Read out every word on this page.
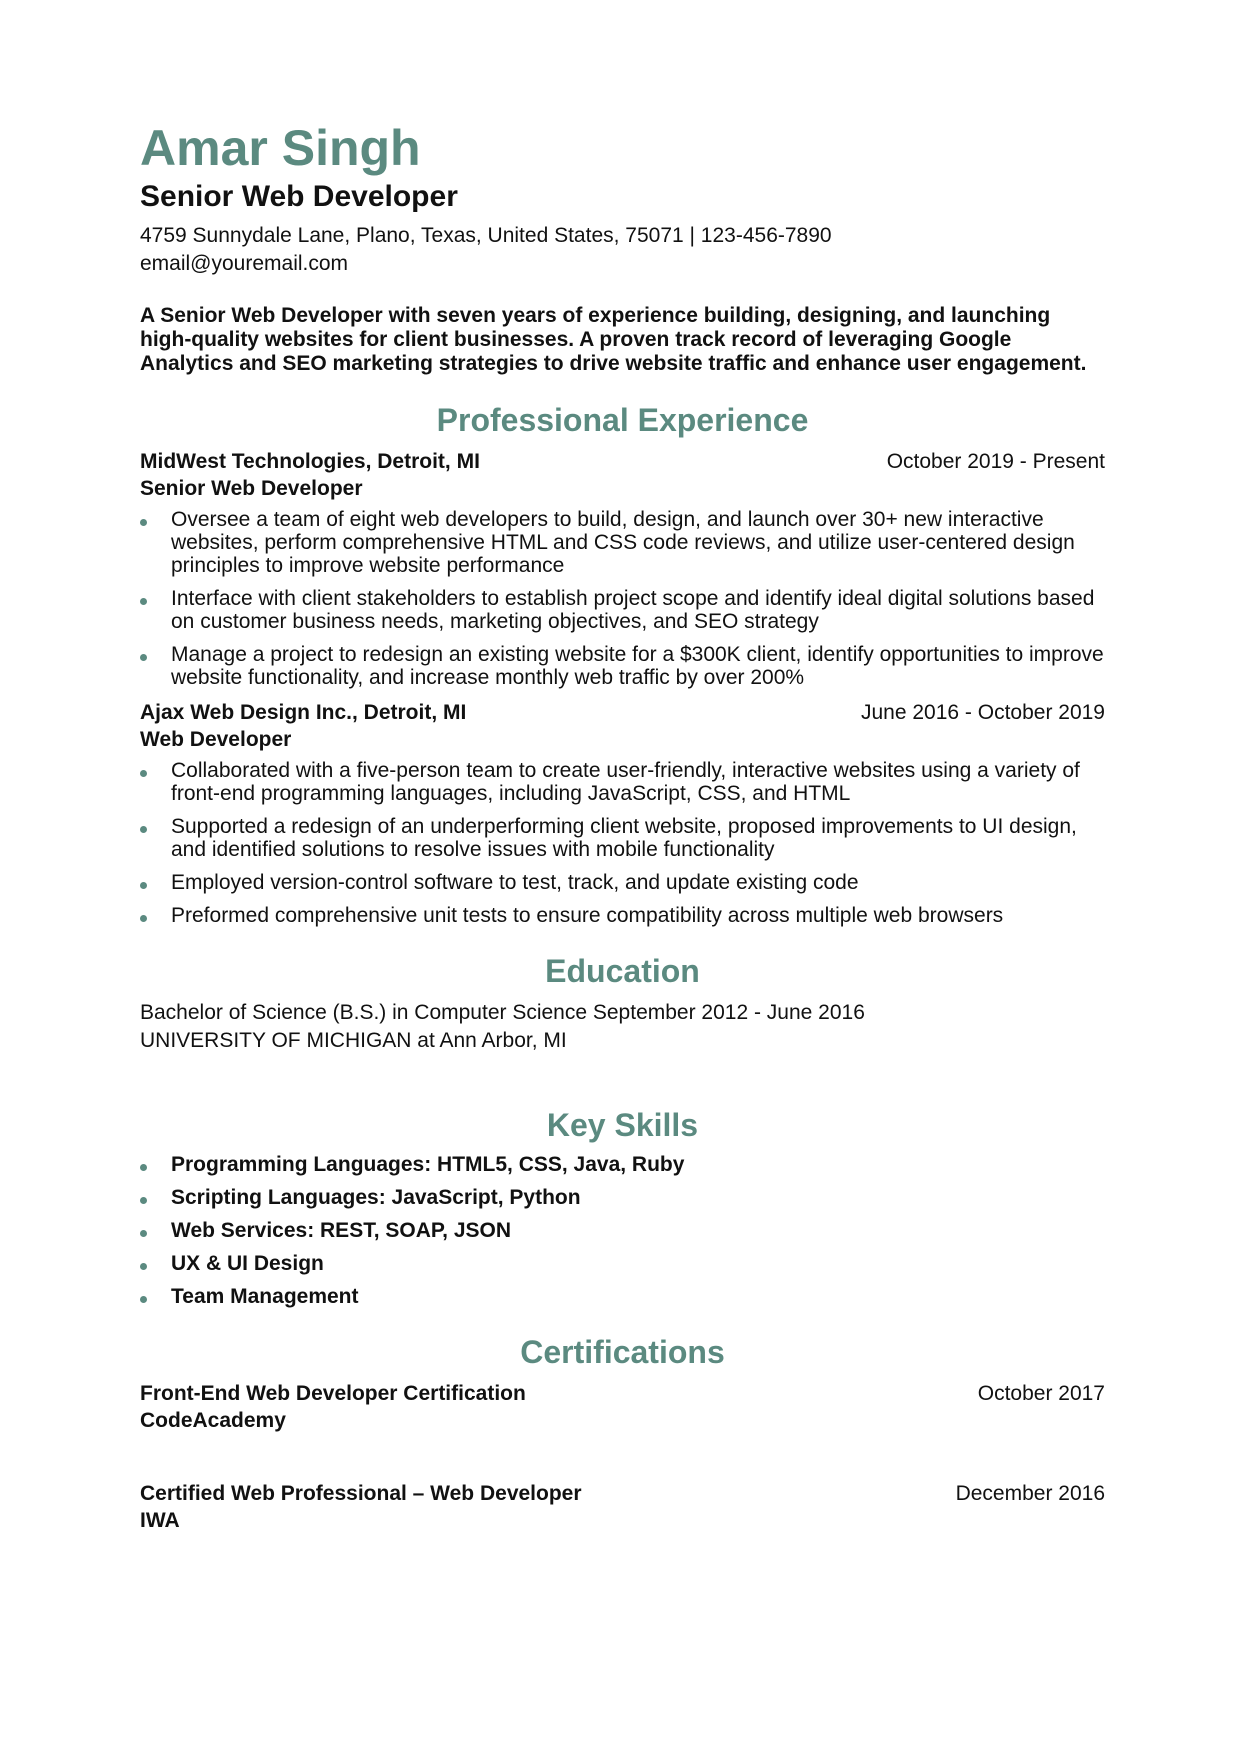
Amar Singh
Senior Web Developer
4759 Sunnydale Lane, Plano, Texas, United States, 75071 | 123-456-7890
email@youremail.com
A Senior Web Developer with seven years of experience building, designing, and launching high-quality websites for client businesses. A proven track record of leveraging Google Analytics and SEO marketing strategies to drive website traffic and enhance user engagement.
Professional Experience
MidWest Technologies, Detroit, MI	October 2019 - Present
Senior Web Developer
Oversee a team of eight web developers to build, design, and launch over 30+ new interactive websites, perform comprehensive HTML and CSS code reviews, and utilize user-centered design principles to improve website performance
Interface with client stakeholders to establish project scope and identify ideal digital solutions based on customer business needs, marketing objectives, and SEO strategy
Manage a project to redesign an existing website for a $300K client, identify opportunities to improve website functionality, and increase monthly web traffic by over 200%
Ajax Web Design Inc., Detroit, MI	June 2016 - October 2019
Web Developer
Collaborated with a five-person team to create user-friendly, interactive websites using a variety of front-end programming languages, including JavaScript, CSS, and HTML
Supported a redesign of an underperforming client website, proposed improvements to UI design, and identified solutions to resolve issues with mobile functionality
Employed version-control software to test, track, and update existing code
Preformed comprehensive unit tests to ensure compatibility across multiple web browsers
Education
Bachelor of Science (B.S.) in Computer Science September 2012 - June 2016
UNIVERSITY OF MICHIGAN at Ann Arbor, MI
Key Skills
Programming Languages: HTML5, CSS, Java, Ruby
Scripting Languages: JavaScript, Python
Web Services: REST, SOAP, JSON
UX & UI Design
Team Management
Certifications
Front-End Web Developer Certification	October 2017
CodeAcademy
Certified Web Professional – Web Developer	December 2016
IWA
